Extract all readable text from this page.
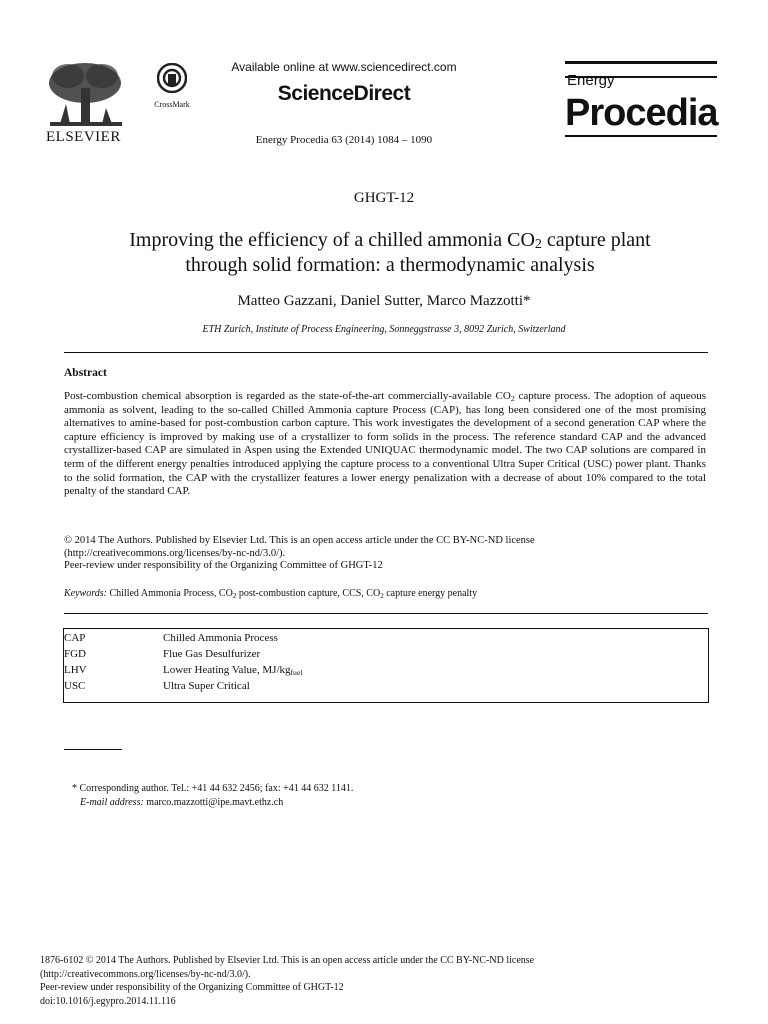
ELSEVIER
CrossMark
Available online at www.sciencedirect.com
ScienceDirect
Energy Procedia 63 (2014) 1084 – 1090
Energy
Procedia
GHGT-12
Improving the efficiency of a chilled ammonia $CO_2$ capture plant
through solid formation: a thermodynamic analysis
Matteo Gazzani, Daniel Sutter, Marco Mazzotti*
ETH Zurich, Institute of Process Engineering, Sonneggstrasse 3, 8092 Zurich, Switzerland
Abstract
Post-combustion chemical absorption is regarded as the state-of-the-art commercially-available $CO_2$ capture process. The adoption of aqueous ammonia as solvent, leading to the so-called Chilled Ammonia capture Process (CAP), has long been considered one of the most promising alternatives to amine-based for post-combustion carbon capture. This work investigates the development of a second generation CAP where the capture efficiency is improved by making use of a crystallizer to form solids in the process. The reference standard CAP and the advanced crystallizer-based CAP are simulated in Aspen using the Extended UNIQUAC thermodynamic model. The two CAP solutions are compared in term of the different energy penalties introduced applying the capture process to a conventional Ultra Super Critical (USC) power plant. Thanks to the solid formation, the CAP with the crystallizer features a lower energy penalization with a decrease of about 10% compared to the total penalty of the standard CAP.
© 2014 The Authors. Published by Elsevier Ltd. This is an open access article under the CC BY-NC-ND license
(http://creativecommons.org/licenses/by-nc-nd/3.0/).
Peer-review under responsibility of the Organizing Committee of GHGT-12
Keywords: Chilled Ammonia Process, $CO_2$ post-combustion capture, CCS, $CO_2$ capture energy penalty
CAP	Chilled Ammonia Process
FGD	Flue Gas Desulfurizer
LHV	Lower Heating Value, $MJ/kg_{fuel}$
USC	Ultra Super Critical
* Corresponding author. Tel.: +41 44 632 2456; fax: +41 44 632 1141.
E-mail address: marco.mazzotti@ipe.mavt.ethz.ch
1876-6102 © 2014 The Authors. Published by Elsevier Ltd. This is an open access article under the CC BY-NC-ND license
(http://creativecommons.org/licenses/by-nc-nd/3.0/).
Peer-review under responsibility of the Organizing Committee of GHGT-12
doi:10.1016/j.egypro.2014.11.116
